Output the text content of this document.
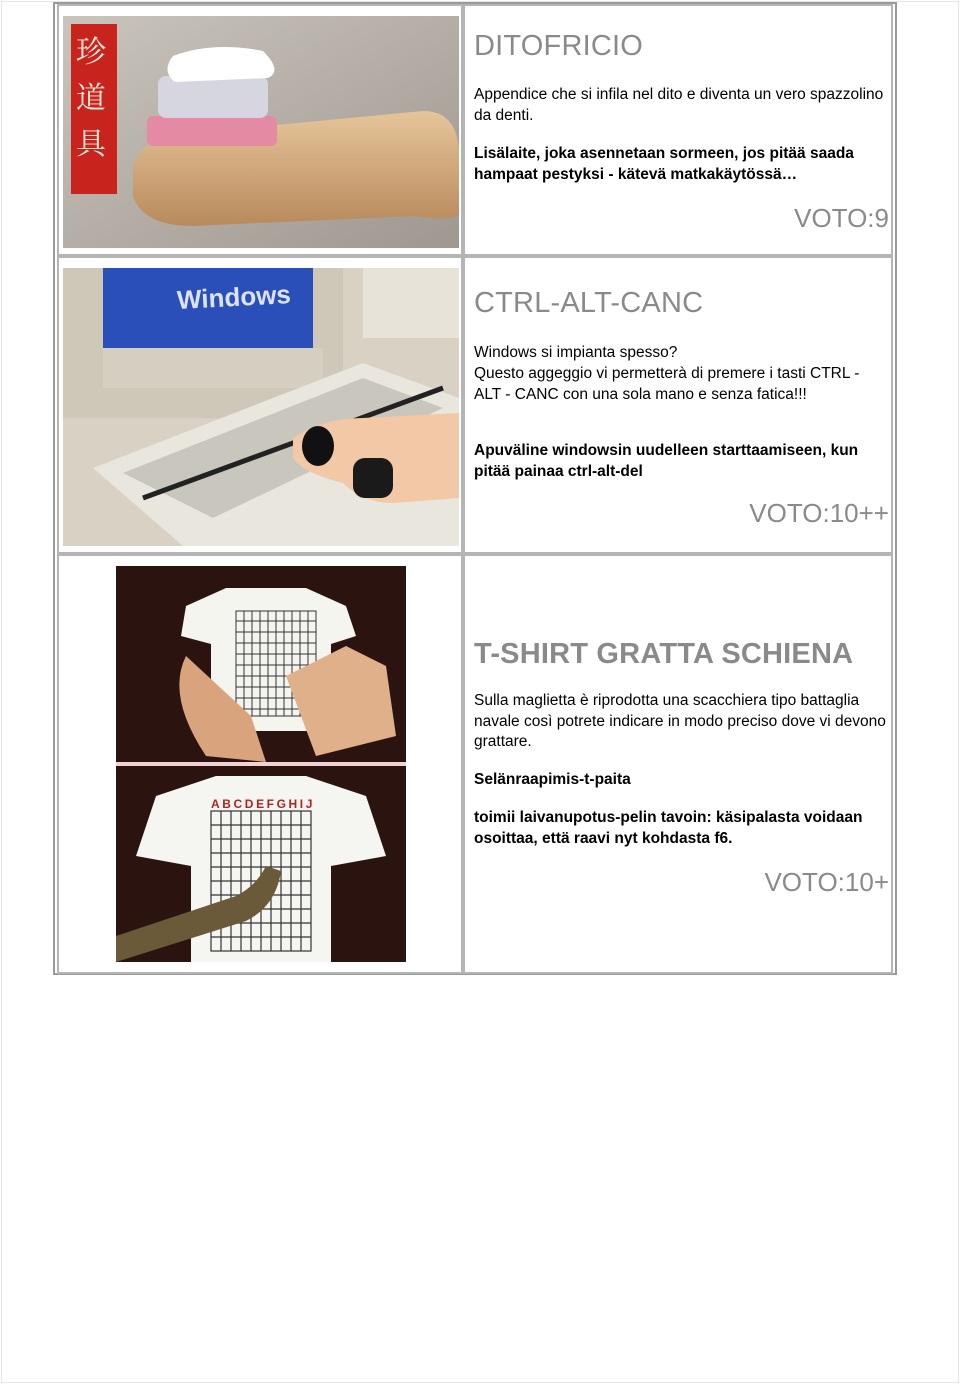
珍道具
DITOFRICIO
Appendice che si infila nel dito e diventa un vero spazzolino da denti.
Lisälaite, joka asennetaan sormeen, jos pitää saada hampaat pestyksi - kätevä matkakäytössä…
VOTO:9
Windows	CTRL-ALT-CANC
Windows si impianta spesso?
Questo aggeggio vi permetterà di premere i tasti CTRL - ALT - CANC con una sola mano e senza fatica!!!
Apuväline windowsin uudelleen starttaamiseen, kun pitää painaa ctrl-alt-del
VOTO:10++
ABCDEFGHIJ
T-SHIRT GRATTA SCHIENA
Sulla maglietta è riprodotta una scacchiera tipo battaglia navale così potrete indicare in modo preciso dove vi devono grattare.
Selänraapimis-t-paita
toimii laivanupotus-pelin tavoin: käsipalasta voidaan osoittaa, että raavi nyt kohdasta f6.
VOTO:10+
